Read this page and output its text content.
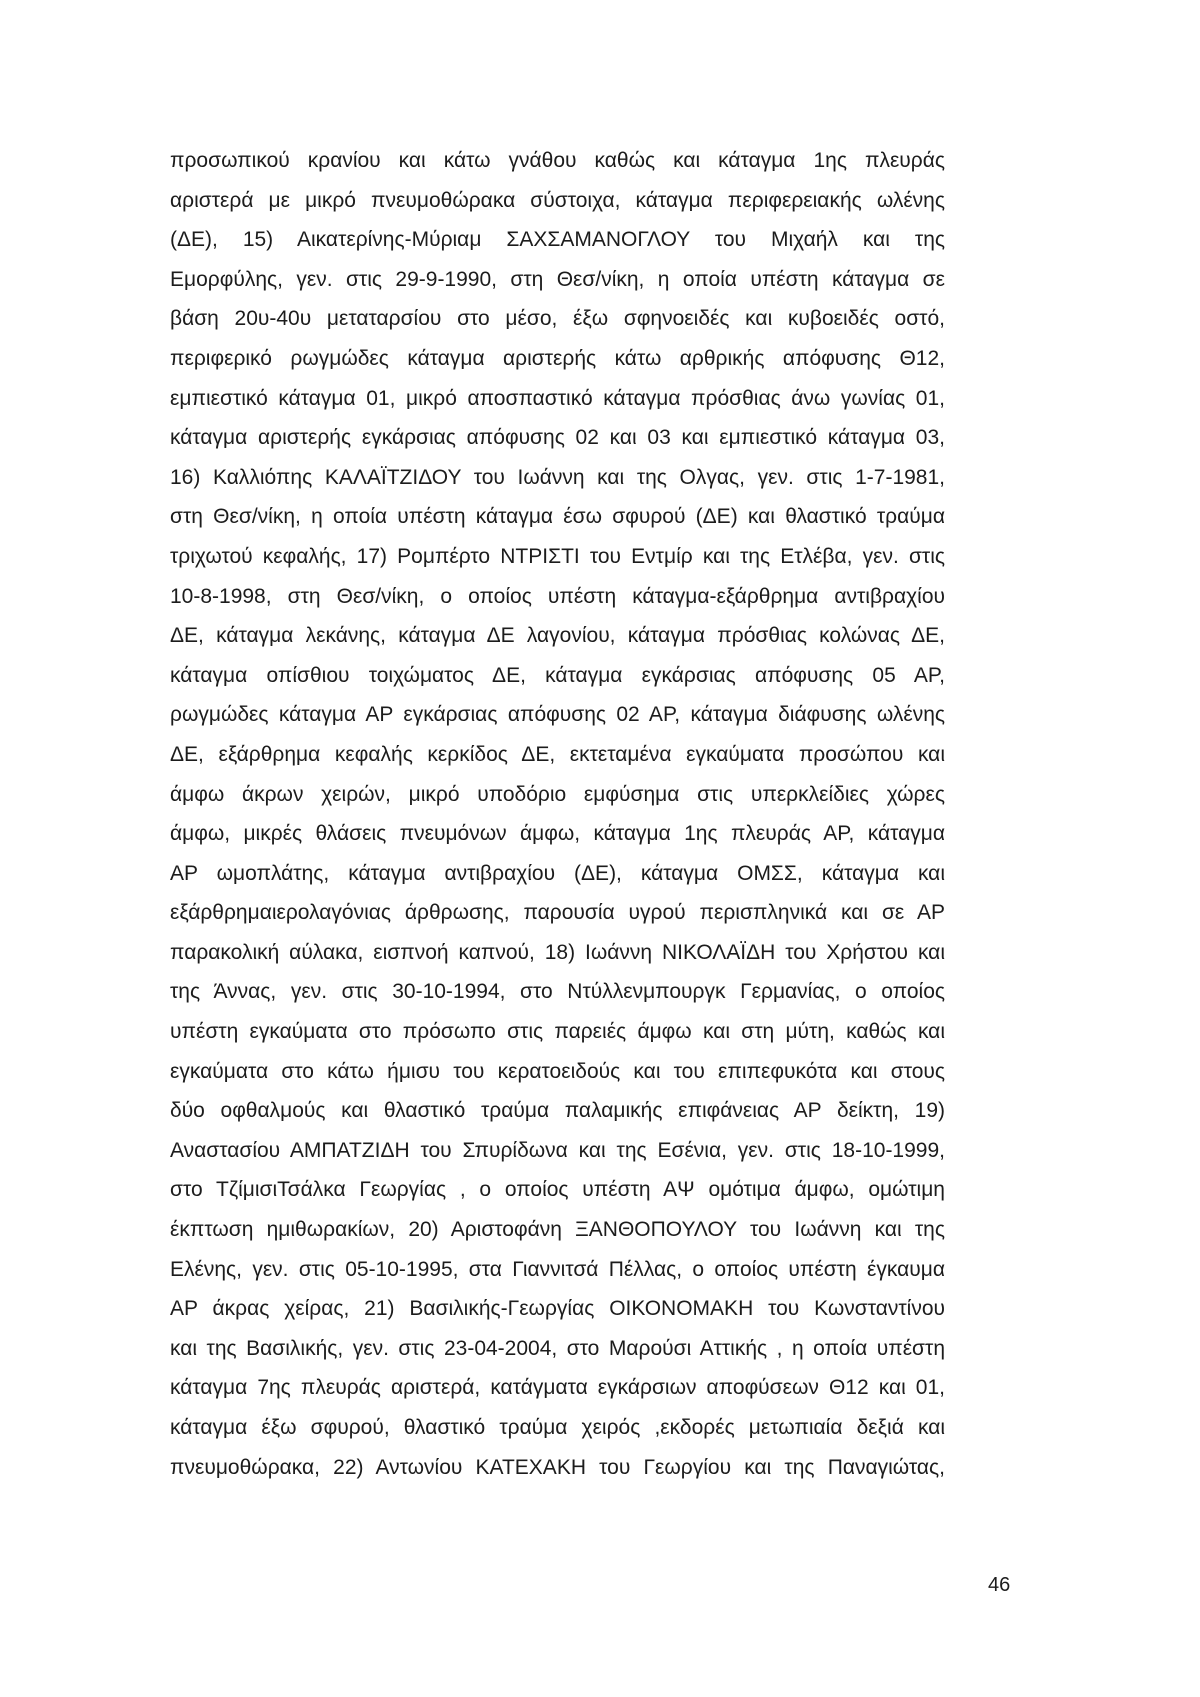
προσωπικού κρανίου και κάτω γνάθου καθώς και κάταγμα 1ης πλευράς
αριστερά με μικρό πνευμοθώρακα σύστοιχα, κάταγμα περιφερειακής ωλένης
(ΔΕ), 15) Αικατερίνης-Μύριαμ ΣΑΧΣΑΜΑΝΟΓΛΟΥ του Μιχαήλ και της
Εμορφύλης, γεν. στις 29-9-1990, στη Θεσ/νίκη, η οποία υπέστη κάταγμα σε
βάση 20υ-40υ μεταταρσίου στο μέσο, έξω σφηνοειδές και κυβοειδές οστό,
περιφερικό ρωγμώδες κάταγμα αριστερής κάτω αρθρικής απόφυσης Θ12,
εμπιεστικό κάταγμα 01, μικρό αποσπαστικό κάταγμα πρόσθιας άνω γωνίας 01,
κάταγμα αριστερής εγκάρσιας απόφυσης 02 και 03 και εμπιεστικό κάταγμα 03,
16) Καλλιόπης ΚΑΛΑΪΤΖΙΔΟΥ του Ιωάννη και της Ολγας, γεν. στις 1-7-1981,
στη Θεσ/νίκη, η οποία υπέστη κάταγμα έσω σφυρού (ΔΕ) και θλαστικό τραύμα
τριχωτού κεφαλής, 17) Ρομπέρτο ΝΤΡΙΣΤΙ του Εντμίρ και της Ετλέβα, γεν. στις
10-8-1998, στη Θεσ/νίκη, ο οποίος υπέστη κάταγμα-εξάρθρημα αντιβραχίου
ΔΕ, κάταγμα λεκάνης, κάταγμα ΔΕ λαγονίου, κάταγμα πρόσθιας κολώνας ΔΕ,
κάταγμα οπίσθιου τοιχώματος ΔΕ, κάταγμα εγκάρσιας απόφυσης 05 ΑΡ,
ρωγμώδες κάταγμα ΑΡ εγκάρσιας απόφυσης 02 ΑΡ, κάταγμα διάφυσης ωλένης
ΔΕ, εξάρθρημα κεφαλής κερκίδος ΔΕ, εκτεταμένα εγκαύματα προσώπου και
άμφω άκρων χειρών, μικρό υποδόριο εμφύσημα στις υπερκλείδιες χώρες
άμφω, μικρές θλάσεις πνευμόνων άμφω, κάταγμα 1ης πλευράς ΑΡ, κάταγμα
ΑΡ ωμοπλάτης, κάταγμα αντιβραχίου (ΔΕ), κάταγμα ΟΜΣΣ, κάταγμα και
εξάρθρημαιερολαγόνιας άρθρωσης, παρουσία υγρού περισπληνικά και σε ΑΡ
παρακολική αύλακα, εισπνοή καπνού, 18) Ιωάννη ΝΙΚΟΛΑΪΔΗ του Χρήστου και
της Άννας, γεν. στις 30-10-1994, στο Ντύλλενμπουργκ Γερμανίας, ο οποίος
υπέστη εγκαύματα στο πρόσωπο στις παρειές άμφω και στη μύτη, καθώς και
εγκαύματα στο κάτω ήμισυ του κερατοειδούς και του επιπεφυκότα και στους
δύο οφθαλμούς και θλαστικό τραύμα παλαμικής επιφάνειας ΑΡ δείκτη, 19)
Αναστασίου ΑΜΠΑΤΖΙΔΗ του Σπυρίδωνα και της Εσένια, γεν. στις 18-10-1999,
στο ΤζίμισιΤσάλκα Γεωργίας , ο οποίος υπέστη ΑΨ ομότιμα άμφω, ομώτιμη
έκπτωση ημιθωρακίων, 20) Αριστοφάνη ΞΑΝΘΟΠΟΥΛΟΥ του Ιωάννη και της
Ελένης, γεν. στις 05-10-1995, στα Γιαννιτσά Πέλλας, ο οποίος υπέστη έγκαυμα
ΑΡ άκρας χείρας, 21) Βασιλικής-Γεωργίας ΟΙΚΟΝΟΜΑΚΗ του Κωνσταντίνου
και της Βασιλικής, γεν. στις 23-04-2004, στο Μαρούσι Αττικής , η οποία υπέστη
κάταγμα 7ης πλευράς αριστερά, κατάγματα εγκάρσιων αποφύσεων Θ12 και 01,
κάταγμα έξω σφυρού, θλαστικό τραύμα χειρός ,εκδορές μετωπιαία δεξιά και
πνευμοθώρακα, 22) Αντωνίου ΚΑΤΕΧΑΚΗ του Γεωργίου και της Παναγιώτας,
46
